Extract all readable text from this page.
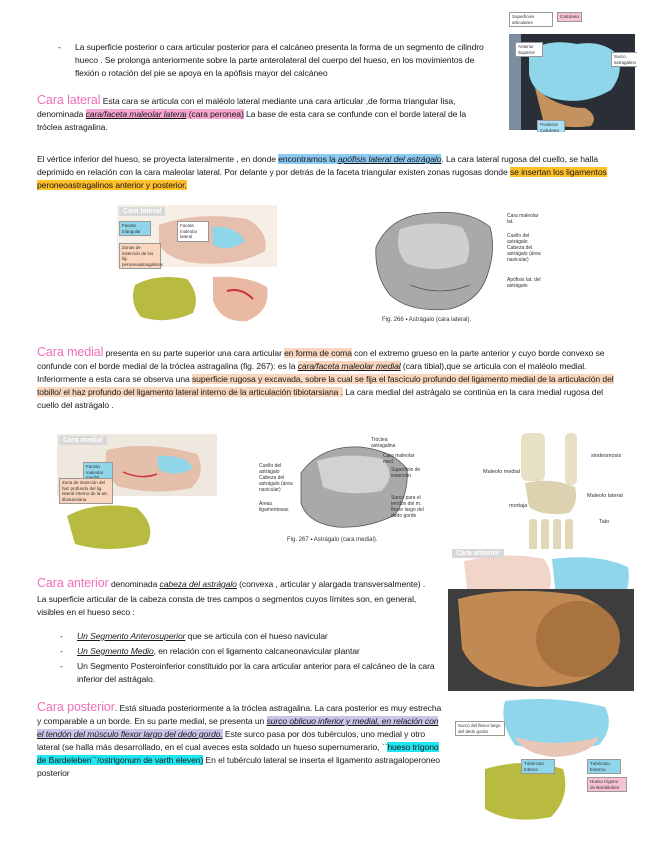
- La superficie posterior o cara articular posterior para el calcáneo presenta la forma de un segmento de cilindro hueco . Se prolonga anteriormente sobre la parte anterolateral del cuerpo del hueso, en los movimientos de flexión o rotación del pie se apoya en la apófisis mayor del calcáneo
Superficies articulares
Calcáneo
Anterior Superior
Surco astragalino
Posterior Calcáneo
Cara lateral Esta cara se articula con el maléolo lateral mediante una cara articular ,de forma triangular lisa, denominada cara/faceta maleolar lateral (cara peronea) La base de esta cara se confunde con el borde lateral de la tróclea astragalina.
El vértice inferior del hueso, se proyecta lateralmente , en donde encontramos la apófisis lateral del astrágalo. La cara lateral rugosa del cuello, se halla deprimido en relación con la cara maleolar lateral. Por delante y por detrás de la faceta triangular existen zonas rugosas donde se insertan los ligamentos peroneoastragalinos anterior y posterior.
Cara lateral
Faceta triangular
Faceta maleolar lateral
Zonas de inserción de los lig. peroneoastragalinos
Cara maleolar lat.
Cuello del astrágalo
Cabeza del astrágalo (área navicular)
Apófisis lat. del astrágalo
Fig. 266 ▪ Astrágalo (cara lateral).
Cara medial presenta en su parte superior una cara articular en forma de coma con el extremo grueso en la parte anterior y cuyo borde convexo se confunde con el borde medial de la tróclea astragalina (fig. 267): es la cara/faceta maleolar medial (cara tibial),que se articula con el maléolo medial. Inferiormente a esta cara se observa una superficie rugosa y excavada, sobre la cual se fija el fascículo profundo del ligamento medial de la articulación del tobillo/ el haz profundo del ligamento lateral interno de la articulación tibiotarsiana . La cara medial del astrágalo se continúa en la cara medial rugosa del cuello del astrágalo .
Cara medial
Faceta maleolar
Zona de inserción del haz profundo del lig. lateral interno de la art. tibiotarsiana
Tróclea astragalina
Cara maleolar med.
Superficie de inserción
Cuello del astrágalo
Cabeza del astrágalo (área navicular)
Áreas ligamentosas
Surco para el tendón del m. flexor largo del dedo gordo
Fig. 267 ▪ Astrágalo (cara medial).
sindesmosis
Maleolo medial
Maleolo lateral
mortaja
Talo
Cara anterior denominada cabeza del astrágalo (convexa , articular y alargada transversalmente) .
La superficie articular de la cabeza consta de tres campos o segmentos cuyos límites son, en general, visibles en el hueso seco :
- Un Segmento Anterosuperior que se articula con el hueso navicular
- Un Segmento Medio, en relación con el ligamento calcaneonavicular plantar
- Un Segmento Posteroinferior constituido por la cara articular anterior para el calcáneo de la cara inferior del astrágalo.
Cara anterior
Cara posterior. Está situada posteriormente a la tróclea astragalina. La cara posterior es muy estrecha y comparable a un borde. En su parte medial, se presenta un surco oblicuo inferior y medial, en relación con el tendón del músculo flexor largo del dedo gordo. Este surco pasa por dos tubérculos, uno medial y otro lateral (se halla más desarrollado, en el cual aveces esta soldado un hueso supernumerario, ``hueso trígono de Bardeleben´´/ostrigonum de varth eleven) En el tubérculo lateral se inserta el ligamento astragaloperoneo posterior
Surco del flexor largo del dedo gordo
Tubérculo Interno
Tubérculo Externo
Hueso trígono de Bardeleben
